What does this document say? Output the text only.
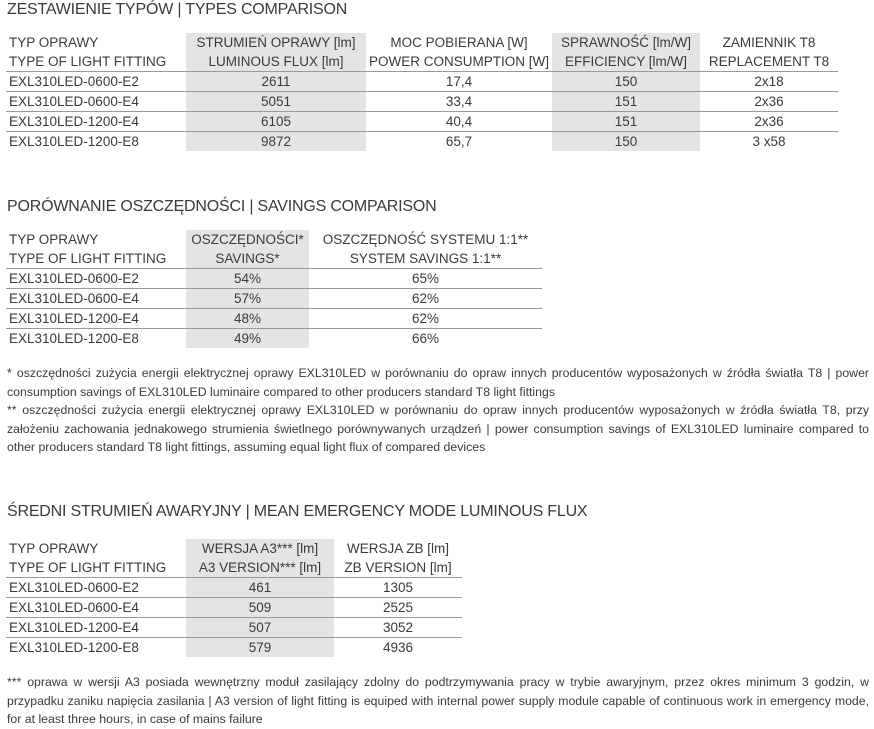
ZESTAWIENIE TYPÓW | TYPES COMPARISON
TYP OPRAWY	STRUMIEŃ OPRAWY [lm]	MOC POBIERANA [W]	SPRAWNOŚĆ [lm/W]	ZAMIENNIK T8
TYPE OF LIGHT FITTING	LUMINOUS FLUX [lm]	POWER CONSUMPTION [W]	EFFICIENCY [lm/W]	REPLACEMENT T8
EXL310LED-0600-E2	2611	17,4	150	2x18
EXL310LED-0600-E4	5051	33,4	151	2x36
EXL310LED-1200-E4	6105	40,4	151	2x36
EXL310LED-1200-E8	9872	65,7	150	3 x58
PORÓWNANIE OSZCZĘDNOŚCI | SAVINGS COMPARISON
TYP OPRAWY	OSZCZĘDNOŚCI*	OSZCZĘDNOŚĆ SYSTEMU 1:1**
TYPE OF LIGHT FITTING	SAVINGS*	SYSTEM SAVINGS 1:1**
EXL310LED-0600-E2	54%	65%
EXL310LED-0600-E4	57%	62%
EXL310LED-1200-E4	48%	62%
EXL310LED-1200-E8	49%	66%

* oszczędności zużycia energii elektrycznej oprawy EXL310LED w porównaniu do opraw innych producentów wyposażonych w źródła światła T8 | power consumption savings of EXL310LED luminaire compared to other producers standard T8 light fittings

** oszczędności zużycia energii elektrycznej oprawy EXL310LED w porównaniu do opraw innych producentów wyposażonych w źródła światła T8, przy założeniu zachowania jednakowego strumienia świetlnego porównywanych urządzeń | power consumption savings of EXL310LED luminaire compared to other producers standard T8 light fittings, assuming equal light flux of compared devices

ŚREDNI STRUMIEŃ AWARYJNY | MEAN EMERGENCY MODE LUMINOUS FLUX
TYP OPRAWY	WERSJA A3*** [lm]	WERSJA ZB [lm]
TYPE OF LIGHT FITTING	A3 VERSION*** [lm]	ZB VERSION [lm]
EXL310LED-0600-E2	461	1305
EXL310LED-0600-E4	509	2525
EXL310LED-1200-E4	507	3052
EXL310LED-1200-E8	579	4936

*** oprawa w wersji A3 posiada wewnętrzny moduł zasilający zdolny do podtrzymywania pracy w trybie awaryjnym, przez okres minimum 3 godzin, w przypadku zaniku napięcia zasilania | A3 version of light fitting is equiped with internal power supply module capable of continuous work in emergency mode, for at least three hours, in case of mains failure
